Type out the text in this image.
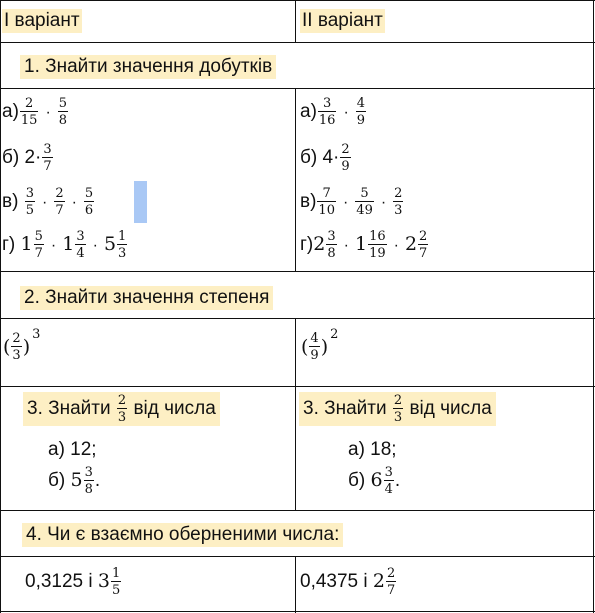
І варіант	ІІ варіант
1. Знайти значення добутків
$а) \frac{2}{15} \cdot \frac{5}{8}$
б) $2\cdot \frac{3}{7}$
$в) \frac{3}{5} \cdot \frac{2}{7} \cdot \frac{5}{6}$
г) $1 \frac{5}{7} \cdot 1 \frac{3}{4} \cdot 5 \frac{1}{3}$
$а) \frac{3}{16} \cdot \frac{4}{9}$
б) $4\cdot \frac{2}{9}$
$в) \frac{7}{10} \cdot \frac{5}{49} \cdot \frac{2}{3}$
$г)2 \frac{3}{8} \cdot 1 \frac{16}{19} \cdot 2 \frac{2}{7}$
2. Знайти значення степеня
( $\frac{2}{3} )^3$
( $\frac{4}{9} )^2$
3. Знайти $\frac{2}{3}$ від числа
а) 12;
б) $5 \frac{3}{8}$ .
3. Знайти $\frac{2}{3}$ від числа
а) 18;
б) $6 \frac{3}{4}$ .
4. Чи є взаємно оберненими числа:
0,3125 і $3 \frac{1}{5}$	0,4375 і $2 \frac{2}{7}$
